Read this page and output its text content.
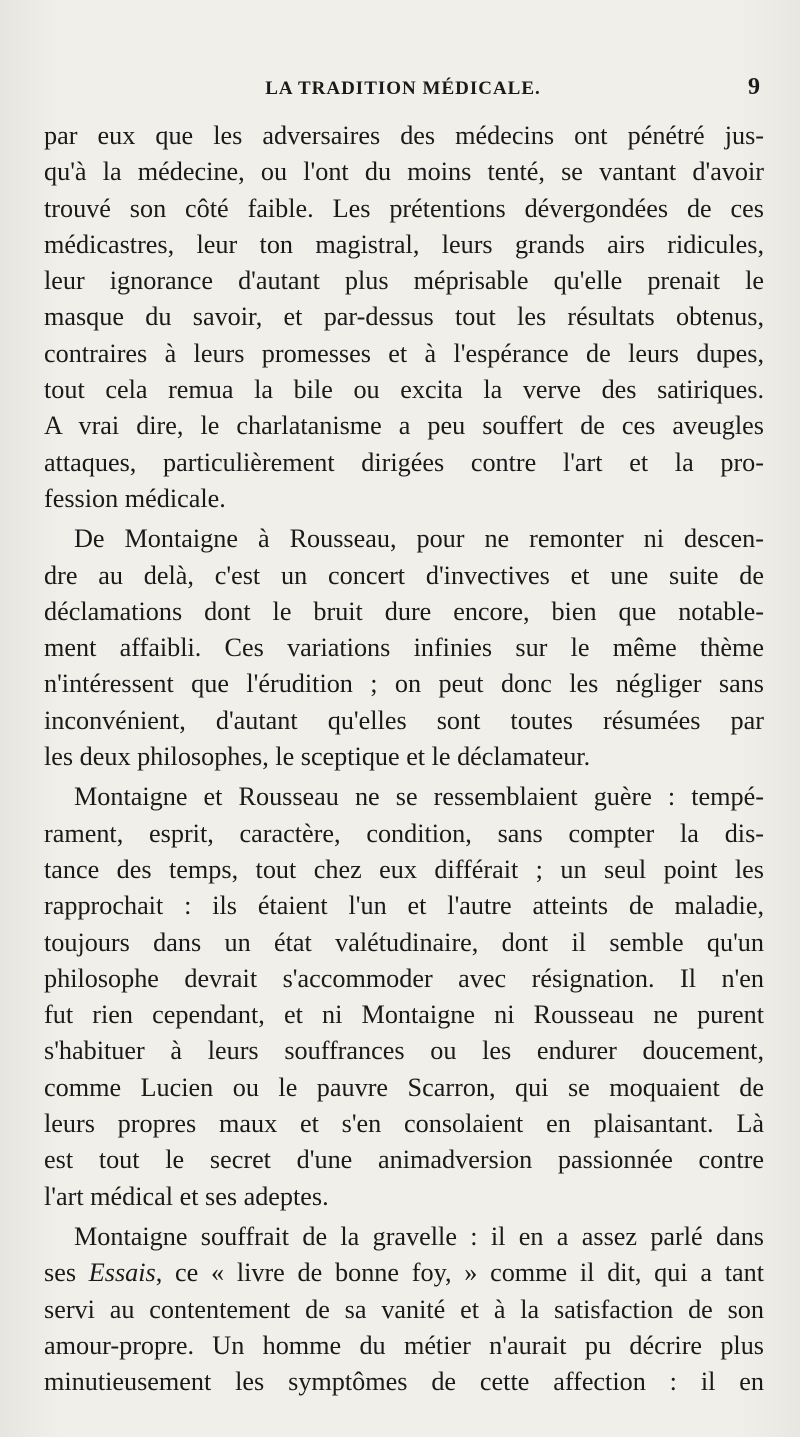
LA TRADITION MÉDICALE.	9

par eux que les adversaires des médecins ont pénétré jus-
qu'à la médecine, ou l'ont du moins tenté, se vantant d'avoir
trouvé son côté faible. Les prétentions dévergondées de ces
médicastres, leur ton magistral, leurs grands airs ridicules,
leur ignorance d'autant plus méprisable qu'elle prenait le
masque du savoir, et par-dessus tout les résultats obtenus,
contraires à leurs promesses et à l'espérance de leurs dupes,
tout cela remua la bile ou excita la verve des satiriques.
A vrai dire, le charlatanisme a peu souffert de ces aveugles
attaques, particulièrement dirigées contre l'art et la pro-
fession médicale.

De Montaigne à Rousseau, pour ne remonter ni descen-
dre au delà, c'est un concert d'invectives et une suite de
déclamations dont le bruit dure encore, bien que notable-
ment affaibli. Ces variations infinies sur le même thème
n'intéressent que l'érudition ; on peut donc les négliger sans
inconvénient, d'autant qu'elles sont toutes résumées par
les deux philosophes, le sceptique et le déclamateur.

Montaigne et Rousseau ne se ressemblaient guère : tempé-
rament, esprit, caractère, condition, sans compter la dis-
tance des temps, tout chez eux différait ; un seul point les
rapprochait : ils étaient l'un et l'autre atteints de maladie,
toujours dans un état valétudinaire, dont il semble qu'un
philosophe devrait s'accommoder avec résignation. Il n'en
fut rien cependant, et ni Montaigne ni Rousseau ne purent
s'habituer à leurs souffrances ou les endurer doucement,
comme Lucien ou le pauvre Scarron, qui se moquaient de
leurs propres maux et s'en consolaient en plaisantant. Là
est tout le secret d'une animadversion passionnée contre
l'art médical et ses adeptes.

Montaigne souffrait de la gravelle : il en a assez parlé dans
ses Essais, ce « livre de bonne foy, » comme il dit, qui a tant
servi au contentement de sa vanité et à la satisfaction de son
amour-propre. Un homme du métier n'aurait pu décrire plus
minutieusement les symptômes de cette affection : il en
